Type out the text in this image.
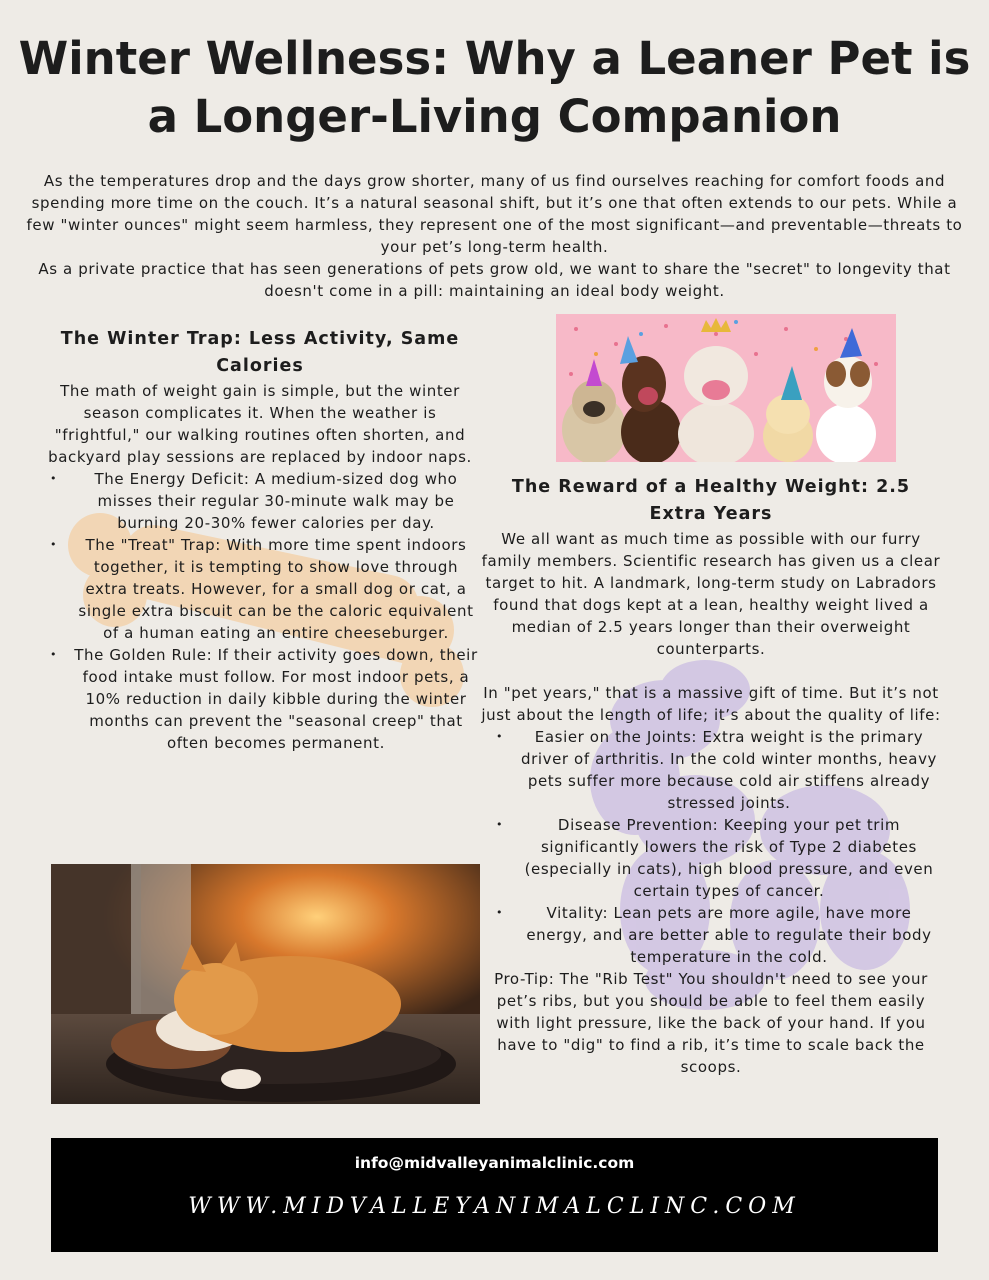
Winter Wellness: Why a Leaner Pet is a Longer-Living Companion

As the temperatures drop and the days grow shorter, many of us find ourselves reaching for comfort foods and spending more time on the couch. It’s a natural seasonal shift, but it’s one that often extends to our pets. While a few "winter ounces" might seem harmless, they represent one of the most significant—and preventable—threats to your pet’s long-term health.

As a private practice that has seen generations of pets grow old, we want to share the "secret" to longevity that doesn't come in a pill: maintaining an ideal body weight.

The Winter Trap: Less Activity, Same Calories

The math of weight gain is simple, but the winter season complicates it. When the weather is "frightful," our walking routines often shorten, and backyard play sessions are replaced by indoor naps.

• The Energy Deficit: A medium-sized dog who misses their regular 30-minute walk may be burning 20-30% fewer calories per day.
• The "Treat" Trap: With more time spent indoors together, it is tempting to show love through extra treats. However, for a small dog or cat, a single extra biscuit can be the caloric equivalent of a human eating an entire cheeseburger.
• The Golden Rule: If their activity goes down, their food intake must follow. For most indoor pets, a 10% reduction in daily kibble during the winter months can prevent the "seasonal creep" that often becomes permanent.
The Reward of a Healthy Weight: 2.5 Extra Years

We all want as much time as possible with our furry family members. Scientific research has given us a clear target to hit. A landmark, long-term study on Labradors found that dogs kept at a lean, healthy weight lived a median of 2.5 years longer than their overweight counterparts.

In "pet years," that is a massive gift of time. But it’s not just about the length of life; it’s about the quality of life:

• Easier on the Joints: Extra weight is the primary driver of arthritis. In the cold winter months, heavy pets suffer more because cold air stiffens already stressed joints.
• Disease Prevention: Keeping your pet trim significantly lowers the risk of Type 2 diabetes (especially in cats), high blood pressure, and even certain types of cancer.
• Vitality: Lean pets are more agile, have more energy, and are better able to regulate their body temperature in the cold.

Pro-Tip: The "Rib Test" You shouldn't need to see your pet’s ribs, but you should be able to feel them easily with light pressure, like the back of your hand. If you have to "dig" to find a rib, it’s time to scale back the scoops.

info@midvalleyanimalclinic.com
WWW.MIDVALLEYANIMALCLINC.COM
